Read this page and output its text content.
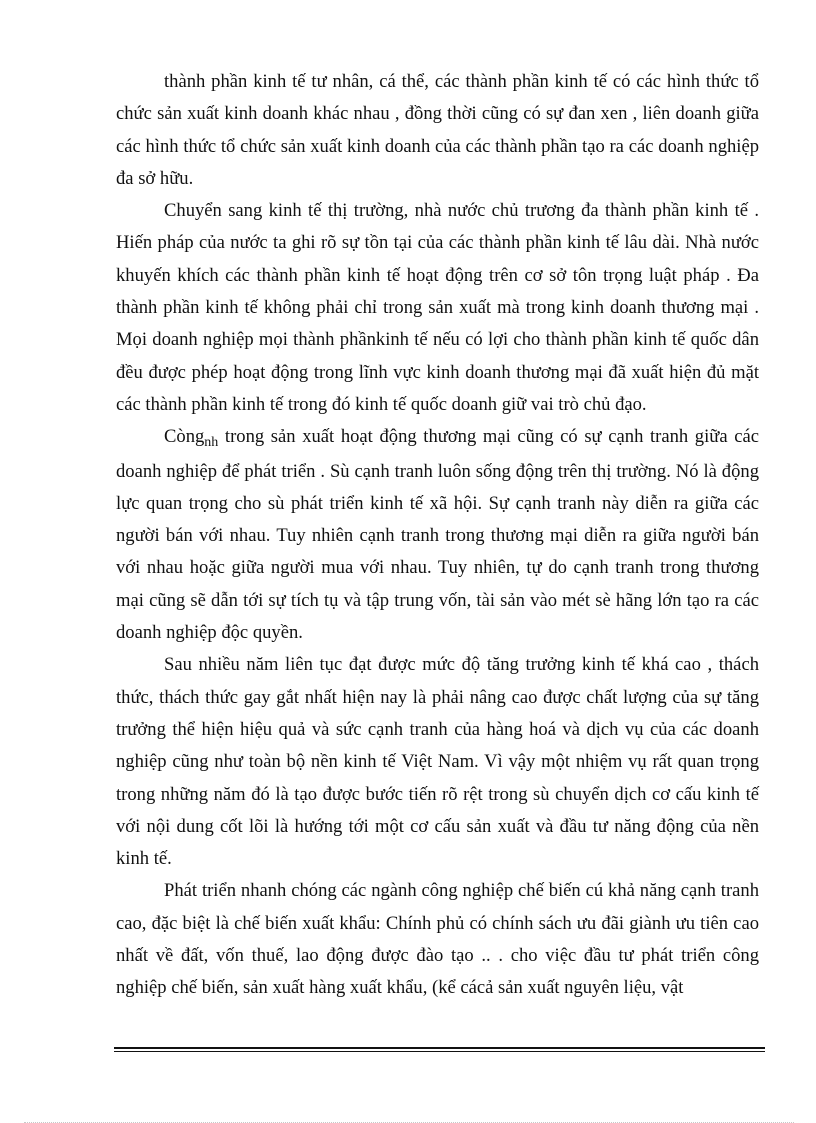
thành phần kinh tế tư nhân, cá thể, các thành phần kinh tế có các hình thức tổ chức sản xuất kinh doanh khác nhau , đồng thời cũng có sự đan xen , liên doanh giữa các hình thức tổ chức sản xuất kinh doanh của các thành phần tạo ra các doanh nghiệp đa sở hữu.

Chuyển sang kinh tế thị trường, nhà nước chủ trương đa thành phần kinh tế . Hiến pháp của nước ta ghi rõ sự tồn tại của các thành phần kinh tế lâu dài. Nhà nước khuyến khích các thành phần kinh tế hoạt động trên cơ sở tôn trọng luật pháp . Đa thành phần kinh tế không phải chỉ trong sản xuất mà trong kinh doanh thương mại . Mọi doanh nghiệp mọi thành phầnkinh tế nếu có lợi cho thành phần kinh tế quốc dân đều được phép hoạt động trong lĩnh vực kinh doanh thương mại đã xuất hiện đủ mặt các thành phần kinh tế trong đó kinh tế quốc doanh giữ vai trò chủ đạo.

Còng$_{nh}$ trong sản xuất hoạt động thương mại cũng có sự cạnh tranh giữa các doanh nghiệp để phát triển . Sù cạnh tranh luôn sống động trên thị trường. Nó là động lực quan trọng cho sù phát triển kinh tế xã hội. Sự cạnh tranh này diễn ra giữa các người bán với nhau. Tuy nhiên cạnh tranh trong thương mại diễn ra giữa người bán với nhau hoặc giữa người mua với nhau. Tuy nhiên, tự do cạnh tranh trong thương mại cũng sẽ dẫn tới sự tích tụ và tập trung vốn, tài sản vào mét sè hãng lớn tạo ra các doanh nghiệp độc quyền.

Sau nhiều năm liên tục đạt được mức độ tăng trưởng kinh tế khá cao , thách thức, thách thức gay gắt nhất hiện nay là phải nâng cao được chất lượng của sự tăng trưởng thể hiện hiệu quả và sức cạnh tranh của hàng hoá và dịch vụ của các doanh nghiệp cũng như toàn bộ nền kinh tế Việt Nam. Vì vậy một nhiệm vụ rất quan trọng trong những năm đó là tạo được bước tiến rõ rệt trong sù chuyển dịch cơ cấu kinh tế với nội dung cốt lõi là hướng tới một cơ cấu sản xuất và đầu tư năng động của nền kinh tế.

Phát triển nhanh chóng các ngành công nghiệp chế biến cú khả năng cạnh tranh cao, đặc biệt là chế biến xuất khẩu: Chính phủ có chính sách ưu đãi giành ưu tiên cao nhất về đất, vốn thuế, lao động được đào tạo .. . cho việc đầu tư phát triển công nghiệp chế biến, sản xuất hàng xuất khẩu, (kể cácả sản xuất nguyên liệu, vật
